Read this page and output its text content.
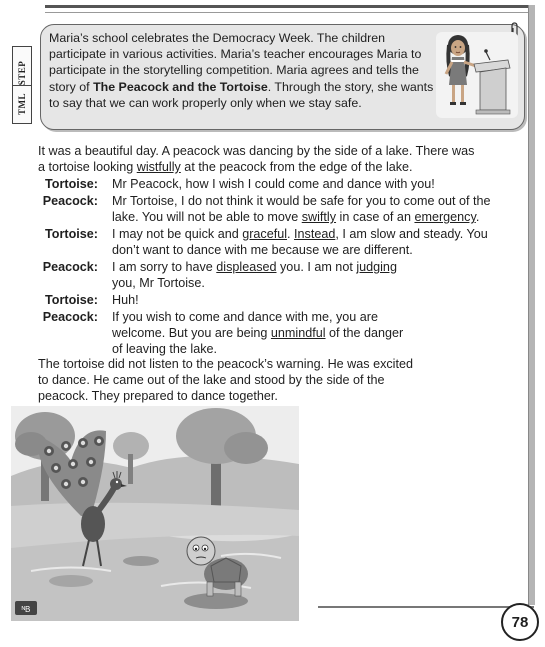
STEP
TML
Maria’s school celebrates the Democracy Week. The children participate in various activities. Maria’s teacher encourages Maria to participate in the storytelling competition. Maria agrees and tells the story of The Peacock and the Tortoise. Through the story, she wants to say that we can work properly only when we stay safe.
It was a beautiful day. A peacock was dancing by the side of a lake. There was
a tortoise looking wistfully at the peacock from the edge of the lake.
Tortoise: Mr Peacock, how I wish I could come and dance with you!
Peacock: Mr Tortoise, I do not think it would be safe for you to come out of the
lake. You will not be able to move swiftly in case of an emergency.
Tortoise: I may not be quick and graceful. Instead, I am slow and steady. You
don’t want to dance with me because we are different.
Peacock: I am sorry to have displeased you. I am not judging
you, Mr Tortoise.
Tortoise: Huh!
Peacock: If you wish to come and dance with me, you are
welcome. But you are being unmindful of the danger
of leaving the lake.
The tortoise did not listen to the peacock’s warning. He was excited
to dance. He came out of the lake and stood by the side of the
peacock. They prepared to dance together.
ᴺB
78
